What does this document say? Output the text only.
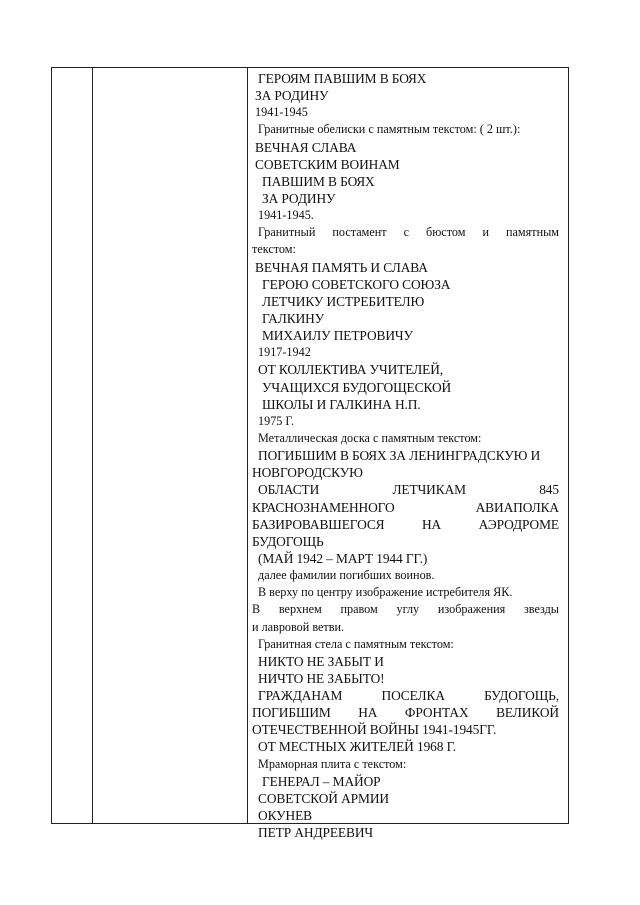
ГЕРОЯМ ПАВШИМ В БОЯХ
ЗА РОДИНУ
1941-1945
Гранитные обелиски с памятным текстом: ( 2 шт.):
ВЕЧНАЯ СЛАВА
СОВЕТСКИМ ВОИНАМ
ПАВШИМ В БОЯХ
ЗА РОДИНУ
1941-1945.
Гранитный постамент с бюстом и памятным
текстом:
ВЕЧНАЯ ПАМЯТЬ И СЛАВА
ГЕРОЮ СОВЕТСКОГО СОЮЗА
ЛЕТЧИКУ ИСТРЕБИТЕЛЮ
ГАЛКИНУ
МИХАИЛУ ПЕТРОВИЧУ
1917-1942
ОТ КОЛЛЕКТИВА УЧИТЕЛЕЙ,
УЧАЩИХСЯ БУДОГОЩЕСКОЙ
ШКОЛЫ И ГАЛКИНА Н.П.
1975 Г.
Металлическая доска с памятным текстом:
ПОГИБШИМ В БОЯХ ЗА ЛЕНИНГРАДСКУЮ И
НОВГОРОДСКУЮ
ОБЛАСТИ ЛЕТЧИКАМ 845
КРАСНОЗНАМЕННОГО АВИАПОЛКА
БАЗИРОВАВШЕГОСЯ НА АЭРОДРОМЕ
БУДОГОЩЬ
(МАЙ 1942 – МАРТ 1944 ГГ.)
далее фамилии погибших воинов.
В верху по центру изображение истребителя ЯК.
В верхнем правом углу изображения звезды
и лавровой ветви.
Гранитная стела с памятным текстом:
НИКТО НЕ ЗАБЫТ И
НИЧТО НЕ ЗАБЫТО!
ГРАЖДАНАМ ПОСЕЛКА БУДОГОЩЬ,
ПОГИБШИМ НА ФРОНТАХ ВЕЛИКОЙ
ОТЕЧЕСТВЕННОЙ ВОЙНЫ 1941-1945ГГ.
ОТ МЕСТНЫХ ЖИТЕЛЕЙ 1968 Г.
Мраморная плита с текстом:
ГЕНЕРАЛ – МАЙОР
СОВЕТСКОЙ АРМИИ
ОКУНЕВ
ПЕТР АНДРЕЕВИЧ
